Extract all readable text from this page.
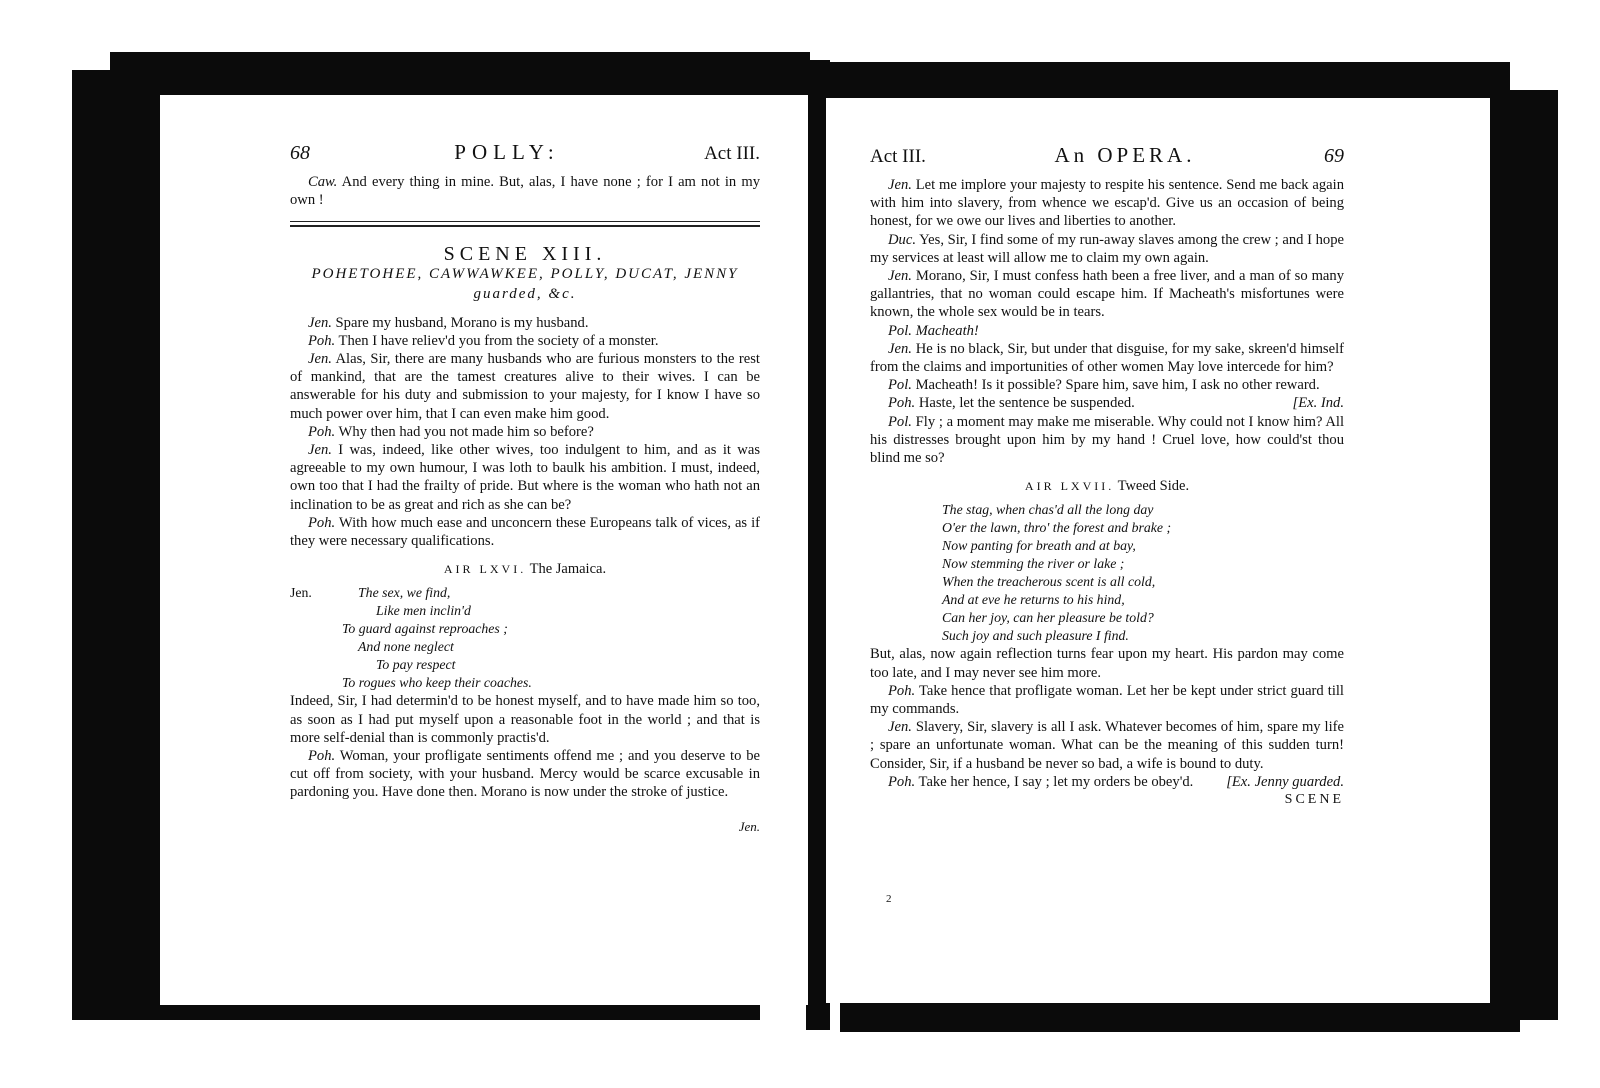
68	POLLY:	Act III.

Caw. And every thing in mine. But, alas, I have none ; for I am not in my own !

SCENE XIII.
POHETOHEE, CAWWAWKEE, POLLY, DUCAT, JENNY guarded, &c.

Jen. Spare my husband, Morano is my husband.

Poh. Then I have reliev'd you from the society of a monster.

Jen. Alas, Sir, there are many husbands who are furious monsters to the rest of mankind, that are the tamest creatures alive to their wives. I can be answerable for his duty and submission to your majesty, for I know I have so much power over him, that I can even make him good.

Poh. Why then had you not made him so before?

Jen. I was, indeed, like other wives, too indulgent to him, and as it was agreeable to my own humour, I was loth to baulk his ambition. I must, indeed, own too that I had the frailty of pride. But where is the woman who hath not an inclination to be as great and rich as she can be?

Poh. With how much ease and unconcern these Europeans talk of vices, as if they were necessary qualifications.

AIR LXVI. The Jamaica.
Jen.	The sex, we find,
Like men inclin'd
To guard against reproaches ;
And none neglect
To pay respect
To rogues who keep their coaches.

Indeed, Sir, I had determin'd to be honest myself, and to have made him so too, as soon as I had put myself upon a reasonable foot in the world ; and that is more self-denial than is commonly practis'd.

Poh. Woman, your profligate sentiments offend me ; and you deserve to be cut off from society, with your husband. Mercy would be scarce excusable in pardoning you. Have done then. Morano is now under the stroke of justice.

Jen.
Act III.	An OPERA.	69

Jen. Let me implore your majesty to respite his sentence. Send me back again with him into slavery, from whence we escap'd. Give us an occasion of being honest, for we owe our lives and liberties to another.

Duc. Yes, Sir, I find some of my run-away slaves among the crew ; and I hope my services at least will allow me to claim my own again.

Jen. Morano, Sir, I must confess hath been a free liver, and a man of so many gallantries, that no woman could escape him. If Macheath's misfortunes were known, the whole sex would be in tears.

Pol. Macheath!

Jen. He is no black, Sir, but under that disguise, for my sake, skreen'd himself from the claims and importunities of other women May love intercede for him?

Pol. Macheath! Is it possible? Spare him, save him, I ask no other reward.

Poh. Haste, let the sentence be suspended.	[Ex. Ind.

Pol. Fly ; a moment may make me miserable. Why could not I know him? All his distresses brought upon him by my hand ! Cruel love, how could'st thou blind me so?

AIR LXVII. Tweed Side.
The stag, when chas'd all the long day
O'er the lawn, thro' the forest and brake ;
Now panting for breath and at bay,
Now stemming the river or lake ;
When the treacherous scent is all cold,
And at eve he returns to his hind,
Can her joy, can her pleasure be told?
Such joy and such pleasure I find.

But, alas, now again reflection turns fear upon my heart. His pardon may come too late, and I may never see him more.

Poh. Take hence that profligate woman. Let her be kept under strict guard till my commands.

Jen. Slavery, Sir, slavery is all I ask. Whatever becomes of him, spare my life ; spare an unfortunate woman. What can be the meaning of this sudden turn! Consider, Sir, if a husband be never so bad, a wife is bound to duty.

Poh. Take her hence, I say ; let my orders be obey'd.	[Ex. Jenny guarded.

SCENE
2
